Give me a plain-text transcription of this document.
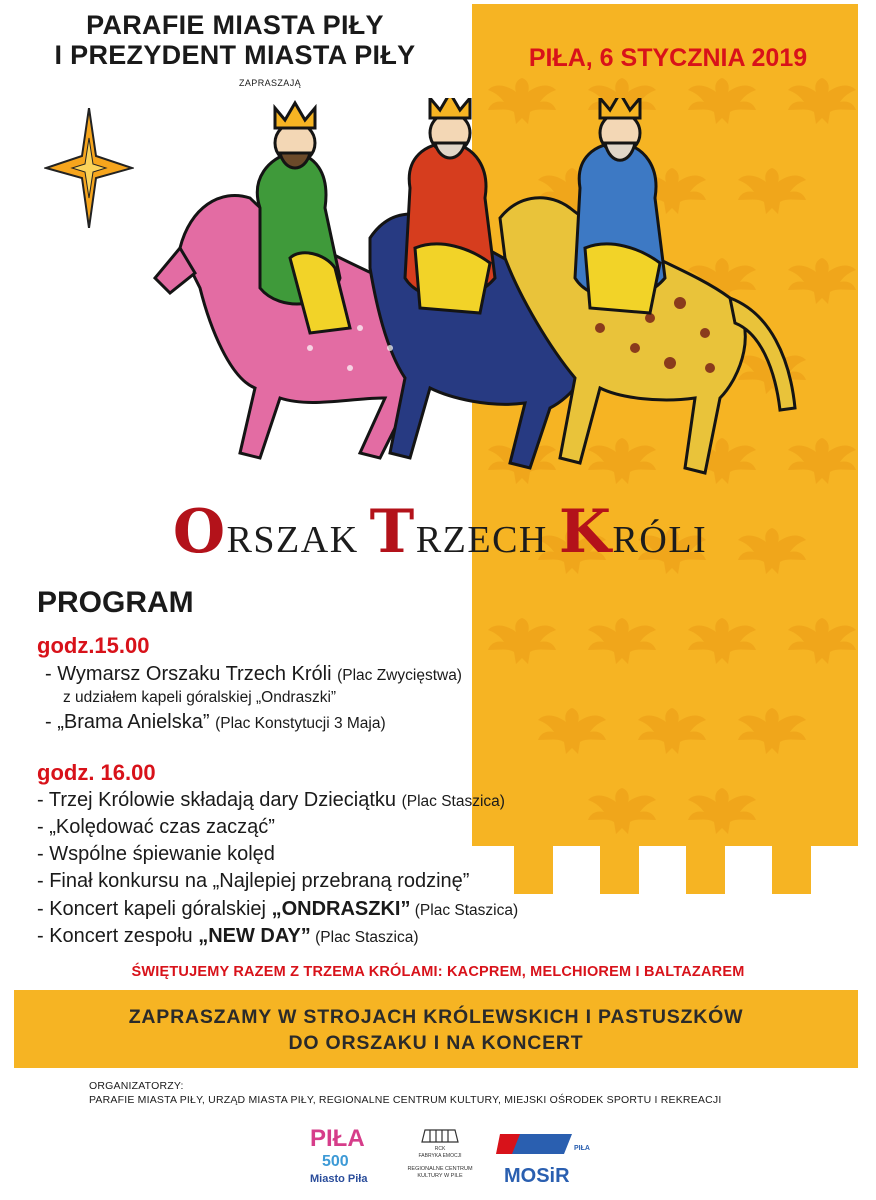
PARAFIE MIASTA PIŁY
I PREZYDENT MIASTA PIŁY
ZAPRASZAJĄ
PIŁA, 6 STYCZNIA 2019
ORSZAK TRZECH KRÓLI
PROGRAM
godz.15.00
- Wymarsz Orszaku Trzech Króli (Plac Zwycięstwa)
z udziałem kapeli góralskiej „Ondraszki”
- „Brama Anielska” (Plac Konstytucji 3 Maja)
godz. 16.00
- Trzej Królowie składają dary Dzieciątku (Plac Staszica)
- „Kolędować czas zacząć”
- Wspólne śpiewanie kolęd
- Finał konkursu na „Najlepiej przebraną rodzinę”
- Koncert kapeli góralskiej „ONDRASZKI” (Plac Staszica)
- Koncert zespołu „NEW DAY” (Plac Staszica)
ŚWIĘTUJEMY RAZEM Z TRZEMA KRÓLAMI: KACPREM, MELCHIOREM I BALTAZAREM
ZAPRASZAMY W STROJACH KRÓLEWSKICH I PASTUSZKÓW
DO ORSZAKU I NA KONCERT
ORGANIZATORZY:
PARAFIE MIASTA PIŁY, URZĄD MIASTA PIŁY, REGIONALNE CENTRUM KULTURY, MIEJSKI OŚRODEK SPORTU I REKREACJI
PIŁA
500
Miasto Piła
RCK
FABRYKA EMOCJI
REGIONALNE CENTRUM
KULTURY W PILE
PIŁA
MOSiR
